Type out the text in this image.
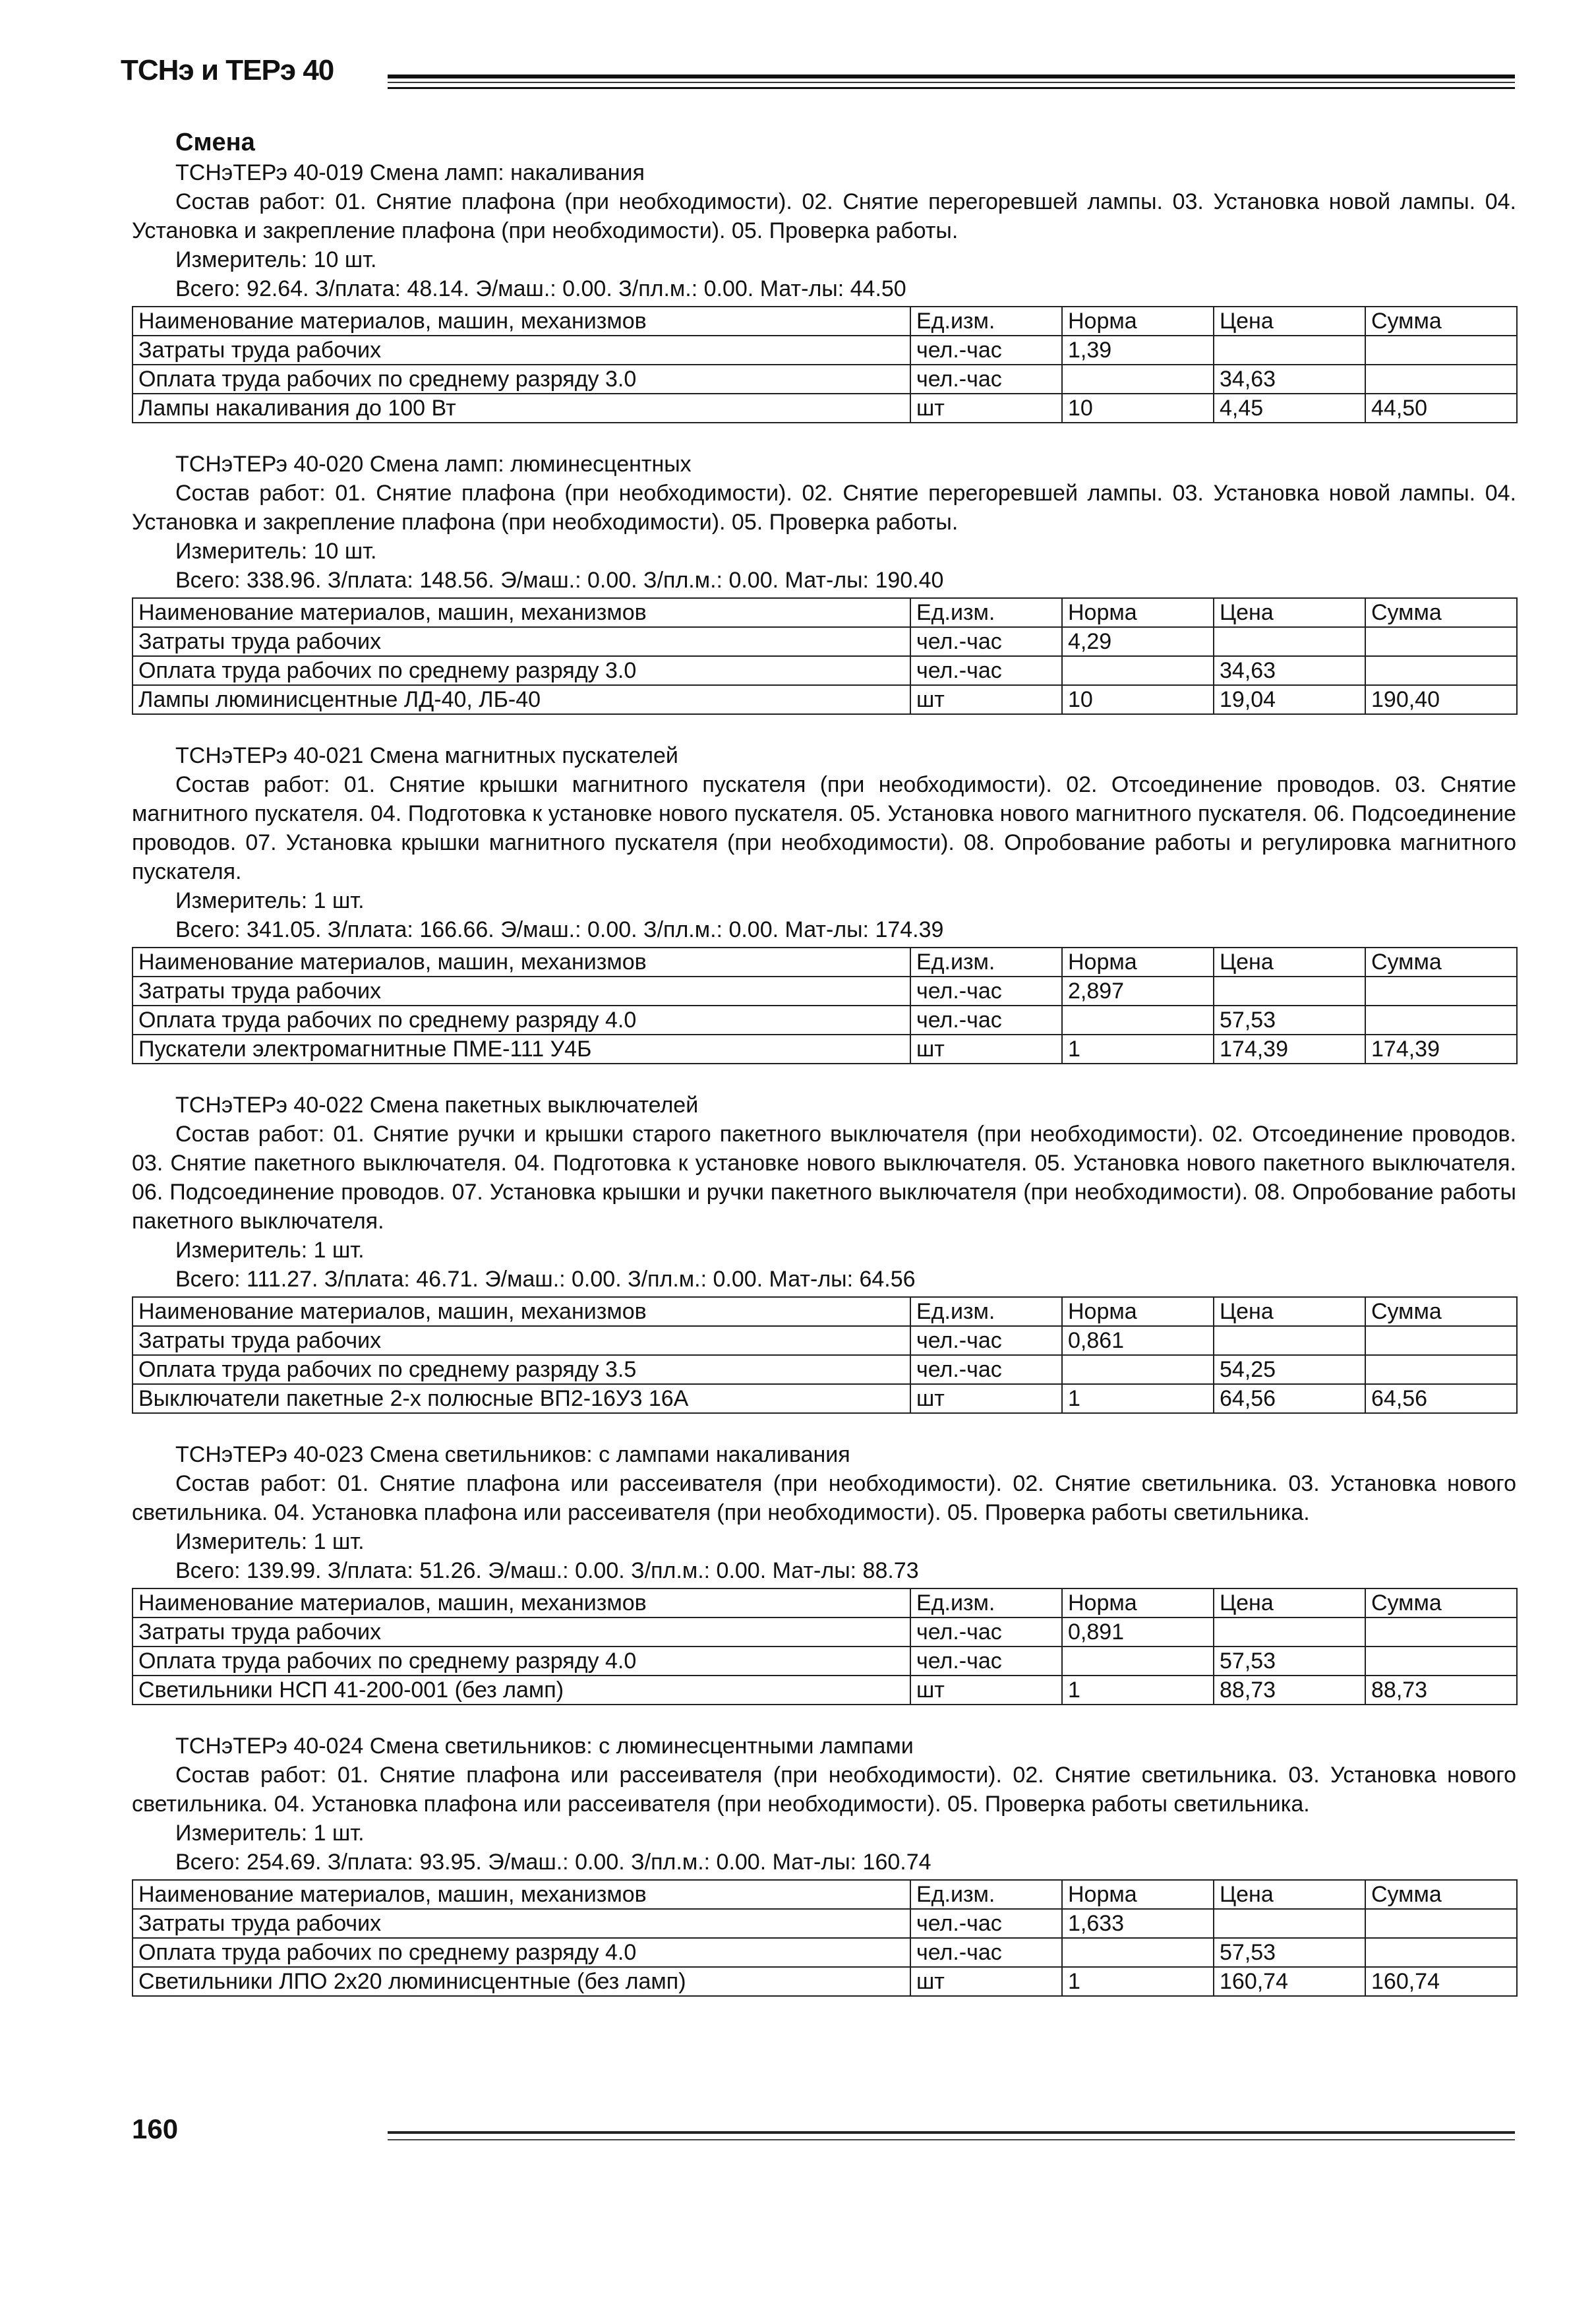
ТСНэ и ТЕРэ 40
Смена
ТСНэТЕРэ 40-019 Смена ламп: накаливания
Состав работ: 01. Снятие плафона (при необходимости). 02. Снятие перегоревшей лампы. 03. Установка новой лампы. 04. Установка и закрепление плафона (при необходимости). 05. Проверка работы.
Измеритель: 10 шт.
Всего: 92.64. З/плата: 48.14. Э/маш.: 0.00. З/пл.м.: 0.00. Мат-лы: 44.50
Наименование материалов, машин, механизмов	Ед.изм.	Норма	Цена	Сумма
Затраты труда рабочих	чел.-час	1,39		
Оплата труда рабочих по среднему разряду 3.0	чел.-час		34,63	
Лампы накаливания до 100 Вт	шт	10	4,45	44,50
ТСНэТЕРэ 40-020 Смена ламп: люминесцентных
Состав работ: 01. Снятие плафона (при необходимости). 02. Снятие перегоревшей лампы. 03. Установка новой лампы. 04. Установка и закрепление плафона (при необходимости). 05. Проверка работы.
Измеритель: 10 шт.
Всего: 338.96. З/плата: 148.56. Э/маш.: 0.00. З/пл.м.: 0.00. Мат-лы: 190.40
Наименование материалов, машин, механизмов	Ед.изм.	Норма	Цена	Сумма
Затраты труда рабочих	чел.-час	4,29		
Оплата труда рабочих по среднему разряду 3.0	чел.-час		34,63	
Лампы люминисцентные ЛД-40, ЛБ-40	шт	10	19,04	190,40
ТСНэТЕРэ 40-021 Смена магнитных пускателей
Состав работ: 01. Снятие крышки магнитного пускателя (при необходимости). 02. Отсоединение проводов. 03. Снятие магнитного пускателя. 04. Подготовка к установке нового пускателя. 05. Установка нового магнитного пускателя. 06. Подсоединение проводов. 07. Установка крышки магнитного пускателя (при необходимости). 08. Опробование работы и регулировка магнитного пускателя.
Измеритель: 1 шт.
Всего: 341.05. З/плата: 166.66. Э/маш.: 0.00. З/пл.м.: 0.00. Мат-лы: 174.39
Наименование материалов, машин, механизмов	Ед.изм.	Норма	Цена	Сумма
Затраты труда рабочих	чел.-час	2,897		
Оплата труда рабочих по среднему разряду 4.0	чел.-час		57,53	
Пускатели электромагнитные ПМЕ-111 У4Б	шт	1	174,39	174,39
ТСНэТЕРэ 40-022 Смена пакетных выключателей
Состав работ: 01. Снятие ручки и крышки старого пакетного выключателя (при необходимости). 02. Отсоединение проводов. 03. Снятие пакетного выключателя. 04. Подготовка к установке нового выключателя. 05. Установка нового пакетного выключателя. 06. Подсоединение проводов. 07. Установка крышки и ручки пакетного выключателя (при необходимости). 08. Опробование работы пакетного выключателя.
Измеритель: 1 шт.
Всего: 111.27. З/плата: 46.71. Э/маш.: 0.00. З/пл.м.: 0.00. Мат-лы: 64.56
Наименование материалов, машин, механизмов	Ед.изм.	Норма	Цена	Сумма
Затраты труда рабочих	чел.-час	0,861		
Оплата труда рабочих по среднему разряду 3.5	чел.-час		54,25	
Выключатели пакетные 2-х полюсные ВП2-16У3 16А	шт	1	64,56	64,56
ТСНэТЕРэ 40-023 Смена светильников: с лампами накаливания
Состав работ: 01. Снятие плафона или рассеивателя (при необходимости). 02. Снятие светильника. 03. Установка нового светильника. 04. Установка плафона или рассеивателя (при необходимости). 05. Проверка работы светильника.
Измеритель: 1 шт.
Всего: 139.99. З/плата: 51.26. Э/маш.: 0.00. З/пл.м.: 0.00. Мат-лы: 88.73
Наименование материалов, машин, механизмов	Ед.изм.	Норма	Цена	Сумма
Затраты труда рабочих	чел.-час	0,891		
Оплата труда рабочих по среднему разряду 4.0	чел.-час		57,53	
Светильники НСП 41-200-001 (без ламп)	шт	1	88,73	88,73
ТСНэТЕРэ 40-024 Смена светильников: с люминесцентными лампами
Состав работ: 01. Снятие плафона или рассеивателя (при необходимости). 02. Снятие светильника. 03. Установка нового светильника. 04. Установка плафона или рассеивателя (при необходимости). 05. Проверка работы светильника.
Измеритель: 1 шт.
Всего: 254.69. З/плата: 93.95. Э/маш.: 0.00. З/пл.м.: 0.00. Мат-лы: 160.74
Наименование материалов, машин, механизмов	Ед.изм.	Норма	Цена	Сумма
Затраты труда рабочих	чел.-час	1,633		
Оплата труда рабочих по среднему разряду 4.0	чел.-час		57,53	
Светильники ЛПО 2х20 люминисцентные (без ламп)	шт	1	160,74	160,74
160
